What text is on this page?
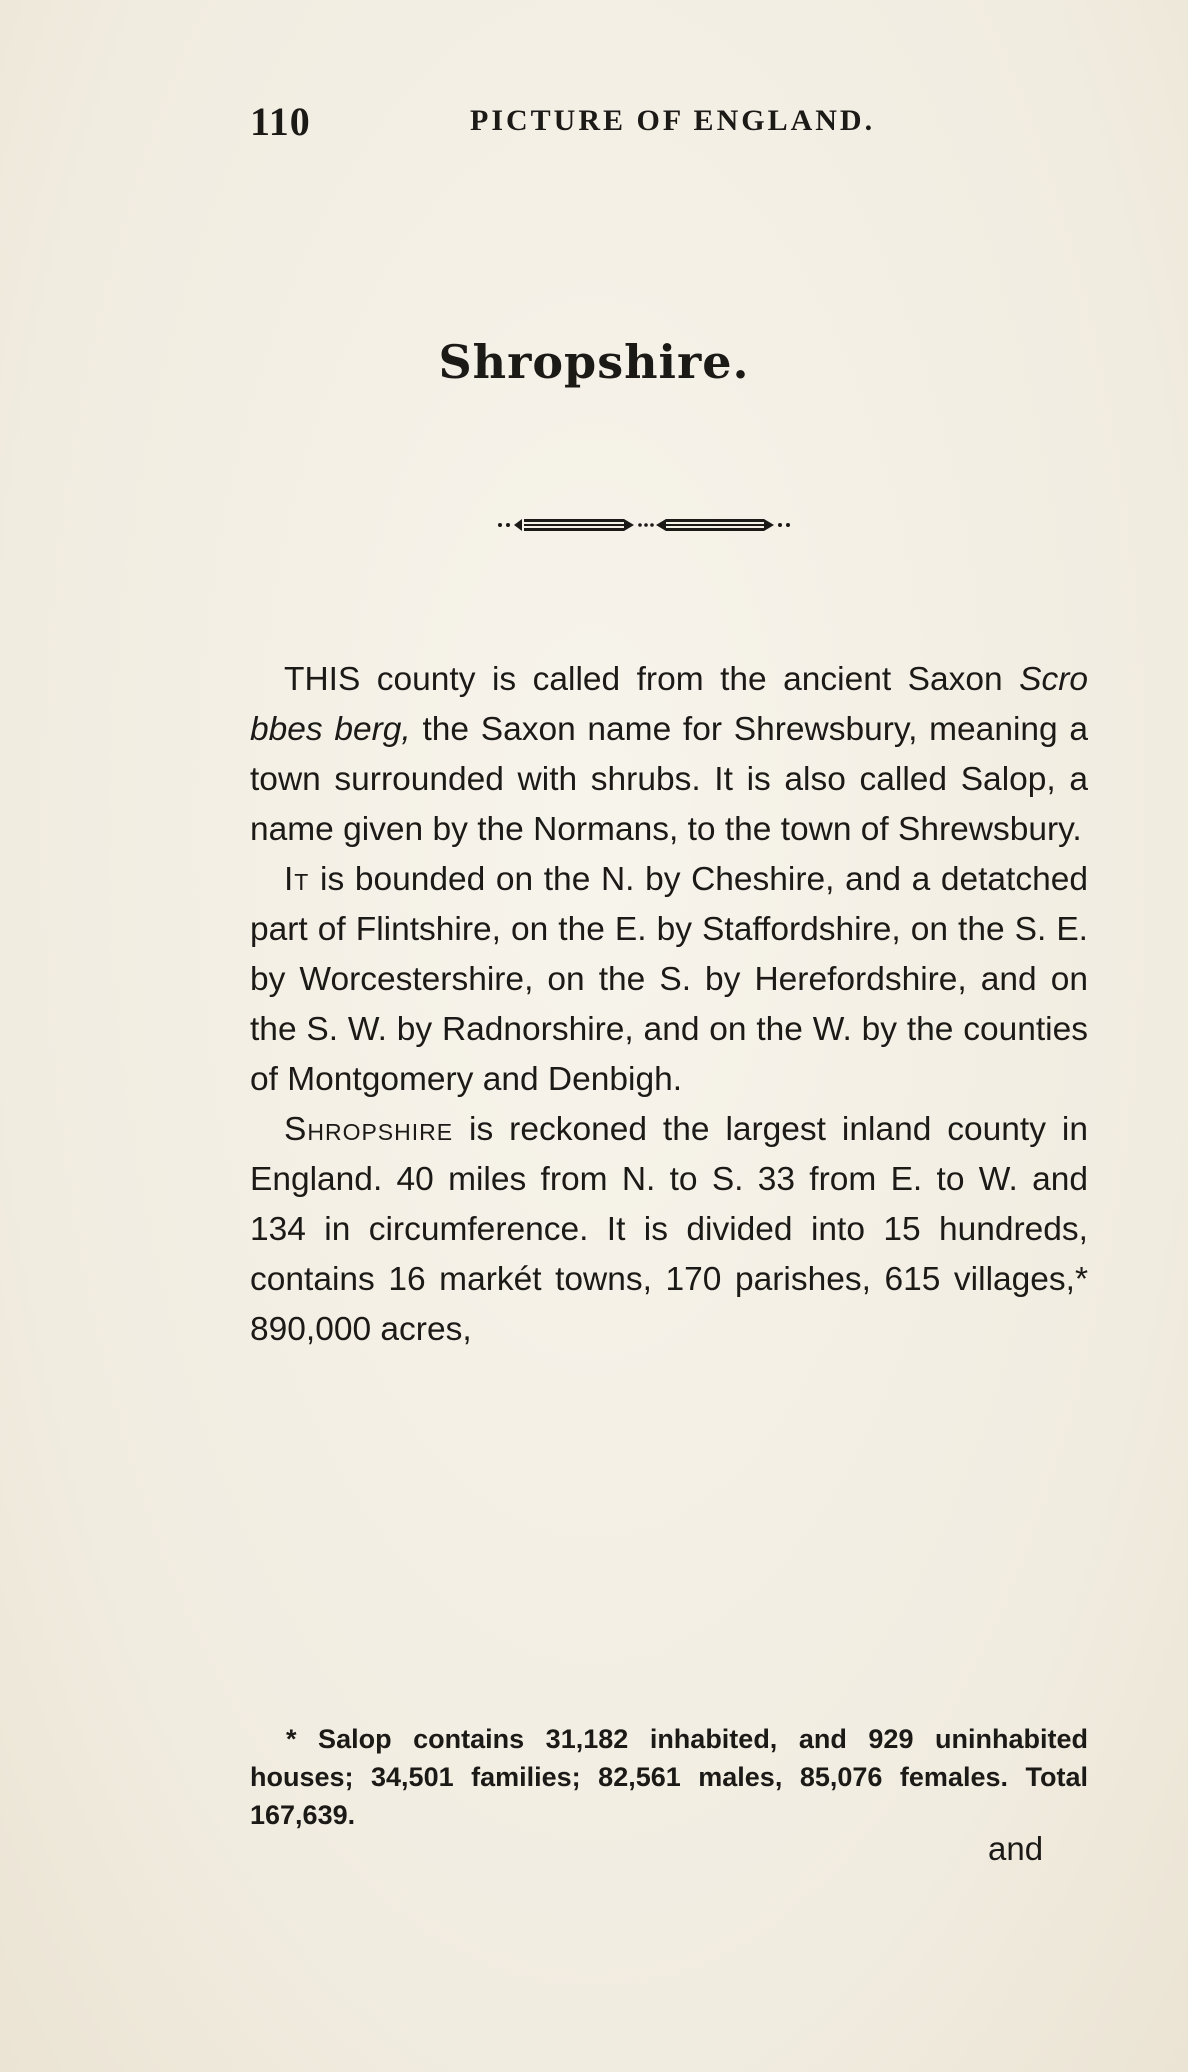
110	PICTURE OF ENGLAND.
Shropshire.

THIS county is called from the ancient Saxon Scro bbes berg, the Saxon name for Shrewsbury, meaning a town surrounded with shrubs. It is also called Salop, a name given by the Normans, to the town of Shrewsbury.

It is bounded on the N. by Cheshire, and a detatched part of Flintshire, on the E. by Staffordshire, on the S. E. by Worcestershire, on the S. by Herefordshire, and on the S. W. by Radnorshire, and on the W. by the counties of Montgomery and Denbigh.

Shropshire is reckoned the largest inland county in England. 40 miles from N. to S. 33 from E. to W. and 134 in circumference. It is divided into 15 hundreds, contains 16 markét towns, 170 parishes, 615 villages,* 890,000 acres,

* Salop contains 31,182 inhabited, and 929 uninhabited houses; 34,501 families; 82,561 males, 85,076 females. Total 167,639.
and
